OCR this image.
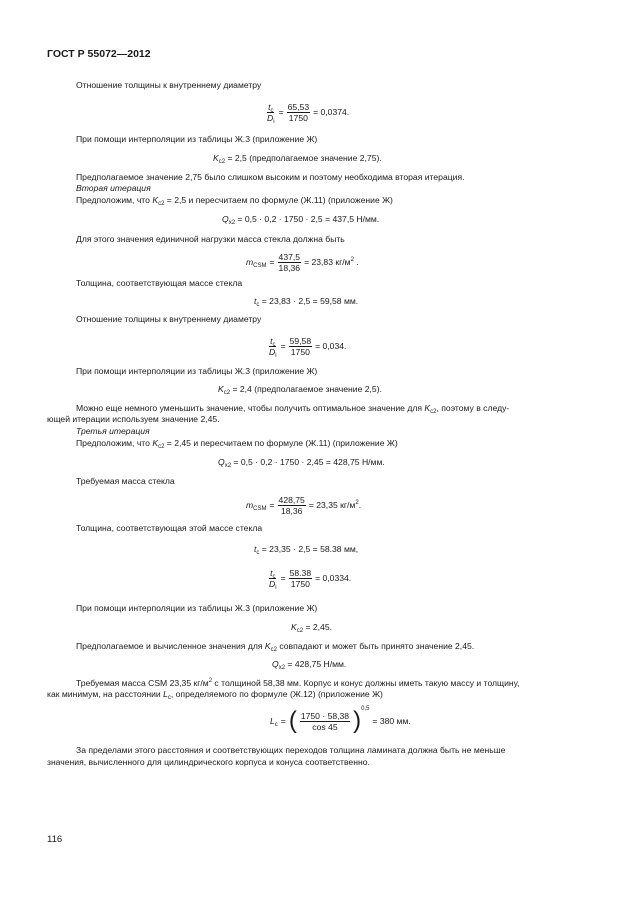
ГОСТ Р 55072—2012
Отношение толщины к внутреннему диаметру
$\frac{t_c}{D_i} = \frac{65,53}{1750} = 0,0374$.
При помощи интерполяции из таблицы Ж.3 (приложение Ж)
$K_{c2} = 2,5$ (предполагаемое значение 2,75).
Предполагаемое значение 2,75 было слишком высоким и поэтому необходима вторая итерация.
Вторая итерация
Предположим, что $K_{c2} = 2,5$ и пересчитаем по формуле (Ж.11) (приложение Ж)
$Q_{x2} = 0,5 \cdot 0,2 \cdot 1750 \cdot 2,5 = 437,5$ Н/мм.
Для этого значения единичной нагрузки масса стекла должна быть
$m_{CSM} = \frac{437,5}{18,36} = 23,83$ $кг/м^2$ .
Толщина, соответствующая массе стекла
$t_c = 23,83 \cdot 2,5 = 59,58$ мм.
Отношение толщины к внутреннему диаметру
$\frac{t_c}{D_i} = \frac{59,58}{1750} = 0,034$.
При помощи интерполяции из таблицы Ж.3 (приложение Ж)
$K_{c2} = 2,4$ (предполагаемое значение 2,5).
Можно еще немного уменьшить значение, чтобы получить оптимальное значение для $K_{c2}$, поэтому в следу-
ющей итерации используем значение 2,45.
Третья итерация
Предположим, что $K_{c2} = 2,45$ и пересчитаем по формуле (Ж.11) (приложение Ж)
$Q_{x2} = 0,5 \cdot 0,2 \cdot 1750 \cdot 2,45 = 428,75$ Н/мм.
Требуемая масса стекла
$m_{CSM} = \frac{428,75}{18,36} = 23,35$ $кг/м^2$.
Толщина, соответствующая этой массе стекла
$t_c = 23,35 \cdot 2,5 = 58.38$ мм,
$\frac{t_c}{D_i} = \frac{58.38}{1750} = 0,0334$.
При помощи интерполяции из таблицы Ж.3 (приложение Ж)
$K_{c2} = 2,45$.
Предполагаемое и вычисленное значения для $K_{c2}$ совпадают и может быть принято значение 2,45.
$Q_{x2} = 428,75$ Н/мм.
Требуемая масса CSM 23,35 $кг/м^2$ с толщиной 58,38 мм. Корпус и конус должны иметь такую массу и толщину,
как минимум, на расстоянии $L_c$, определяемого по формуле (Ж.12) (приложение Ж)
$L_c$ = ( $\frac{1750 \cdot 58,38}{\cos 45}$ ) 0,5
= 380 мм.
За пределами этого расстояния и соответствующих переходов толщина ламината должна быть не меньше
значения, вычисленного для цилиндрического корпуса и конуса соответственно.
116
